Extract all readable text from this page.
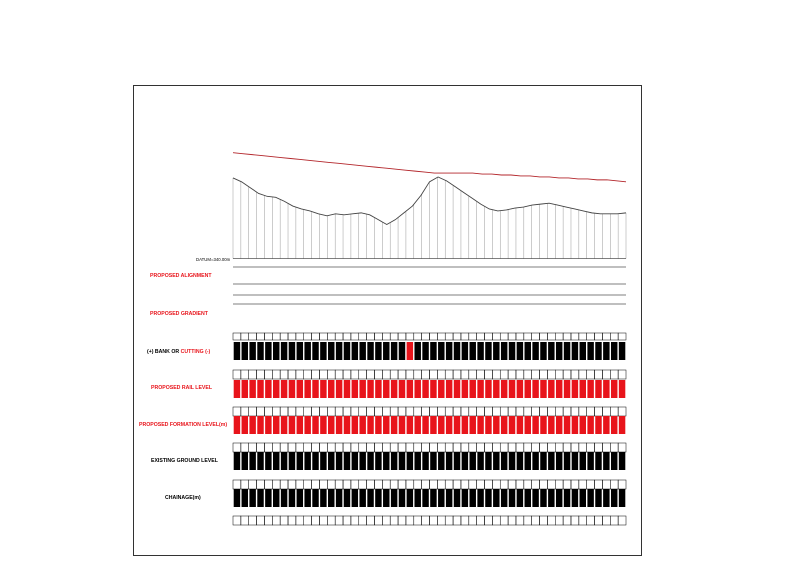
DATUM=340.00m
PROPOSED ALIGNMENT
PROPOSED GRADIENT
(+) BANK OR CUTTING (-)
PROPOSED RAIL LEVEL
PROPOSED FORMATION LEVEL(m)
EXISTING GROUND LEVEL
CHAINAGE(m)
